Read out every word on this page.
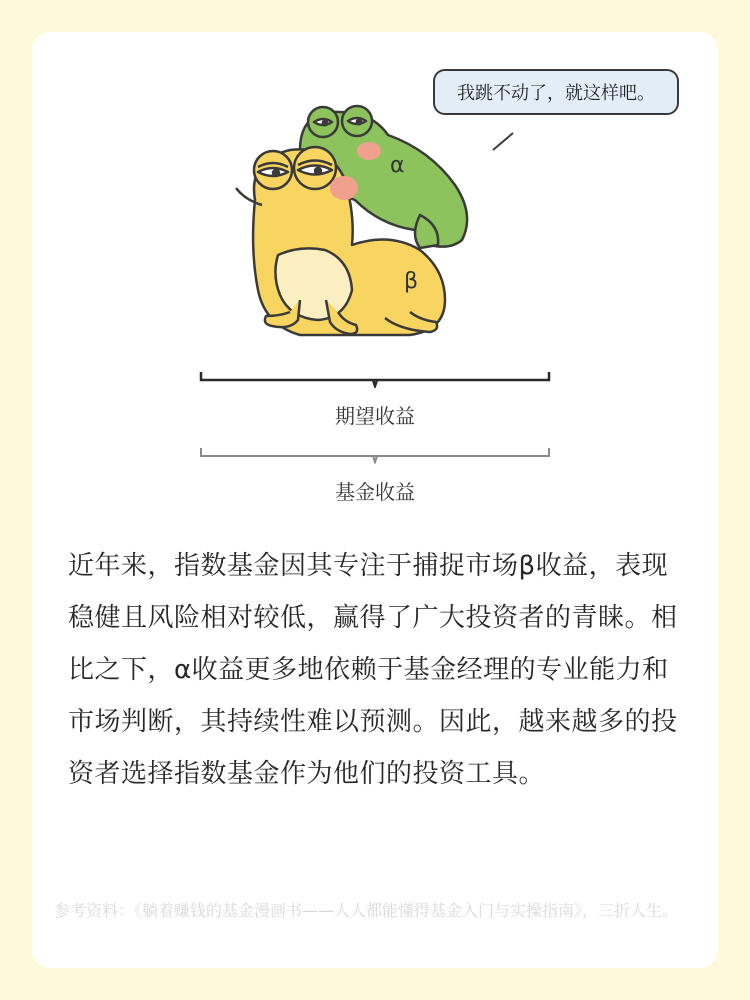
α
β
我跳不动了，就这样吧。
期望收益
基金收益

近年来，指数基金因其专注于捕捉市场β收益，表现稳健且风险相对较低，赢得了广大投资者的青睐。相比之下，α收益更多地依赖于基金经理的专业能力和市场判断，其持续性难以预测。因此，越来越多的投资者选择指数基金作为他们的投资工具。

参考资料：《躺着赚钱的基金漫画书——人人都能懂得基金入门与实操指南》，三折人生。
